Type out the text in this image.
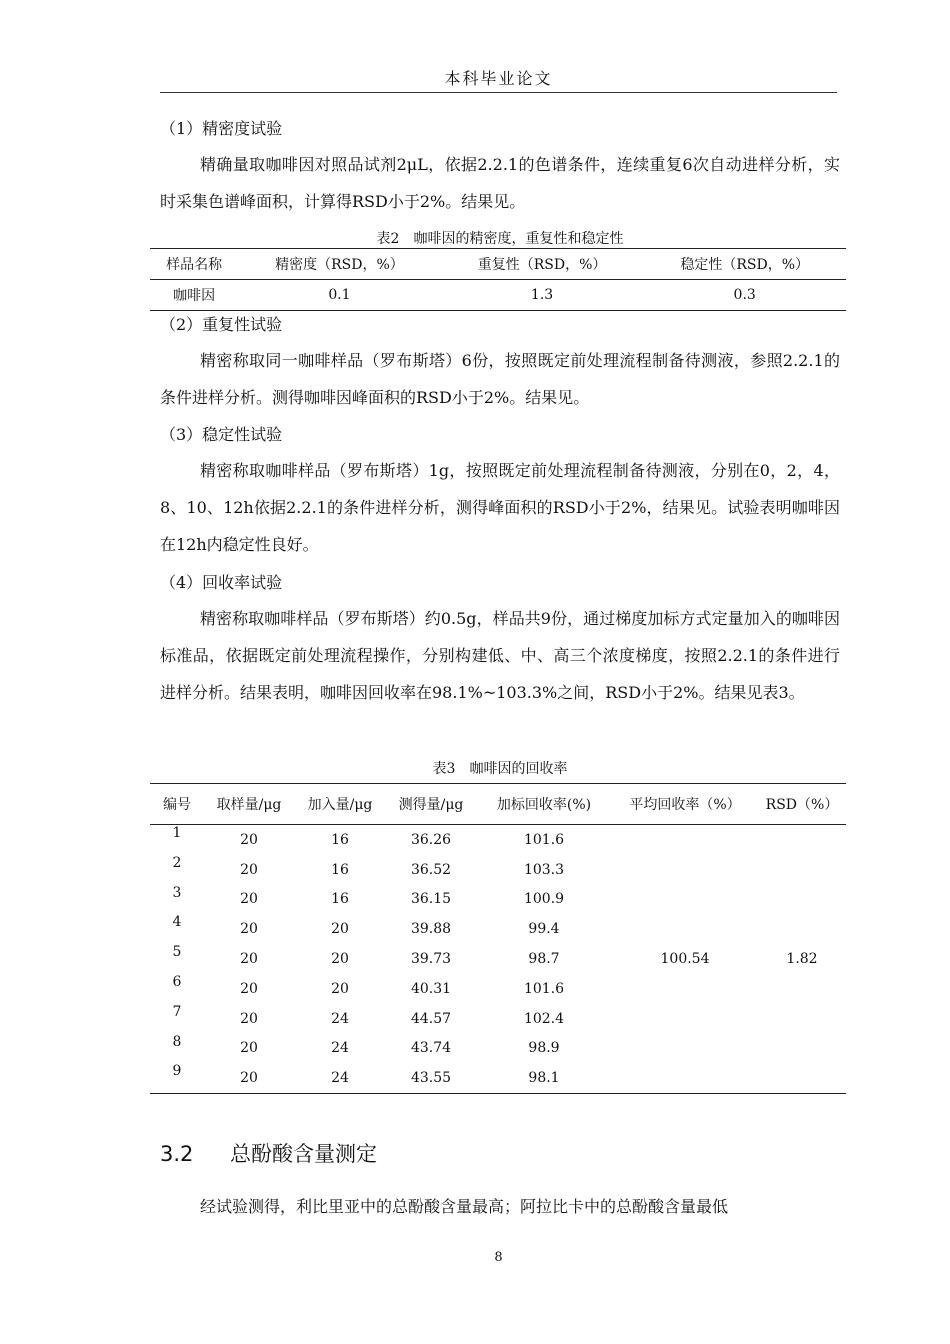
本科毕业论文
（1）精密度试验
精确量取咖啡因对照品试剂2μL，依据2.2.1的色谱条件，连续重复6次自动进样分析，实时采集色谱峰面积，计算得RSD小于2%。结果见。
表2　咖啡因的精密度，重复性和稳定性
样品名称	精密度（RSD，%）	重复性（RSD，%）	稳定性（RSD，%）
咖啡因	0.1	1.3	0.3
（2）重复性试验
精密称取同一咖啡样品（罗布斯塔）6份，按照既定前处理流程制备待测液，参照2.2.1的条件进样分析。测得咖啡因峰面积的RSD小于2%。结果见。
（3）稳定性试验
精密称取咖啡样品（罗布斯塔）1g，按照既定前处理流程制备待测液，分别在0，2，4，8、10、12h依据2.2.1的条件进样分析，测得峰面积的RSD小于2%，结果见。试验表明咖啡因在12h内稳定性良好。
（4）回收率试验
精密称取咖啡样品（罗布斯塔）约0.5g，样品共9份，通过梯度加标方式定量加入的咖啡因标准品，依据既定前处理流程操作，分别构建低、中、高三个浓度梯度，按照2.2.1的条件进行进样分析。结果表明，咖啡因回收率在98.1%~103.3%之间，RSD小于2%。结果见表3。
表3　咖啡因的回收率
编号	取样量/μg	加入量/μg	测得量/μg	加标回收率(%)	平均回收率（%）	RSD（%）
1	20	16	36.26	101.6	100.54	1.82
2	20	16	36.52	103.3		
3	20	16	36.15	100.9		
4	20	20	39.88	99.4		
5	20	20	39.73	98.7		
6	20	20	40.31	101.6		
7	20	24	44.57	102.4		
8	20	24	43.74	98.9		
9	20	24	43.55	98.1		
3.2 总酚酸含量测定
经试验测得，利比里亚中的总酚酸含量最高；阿拉比卡中的总酚酸含量最低
8
